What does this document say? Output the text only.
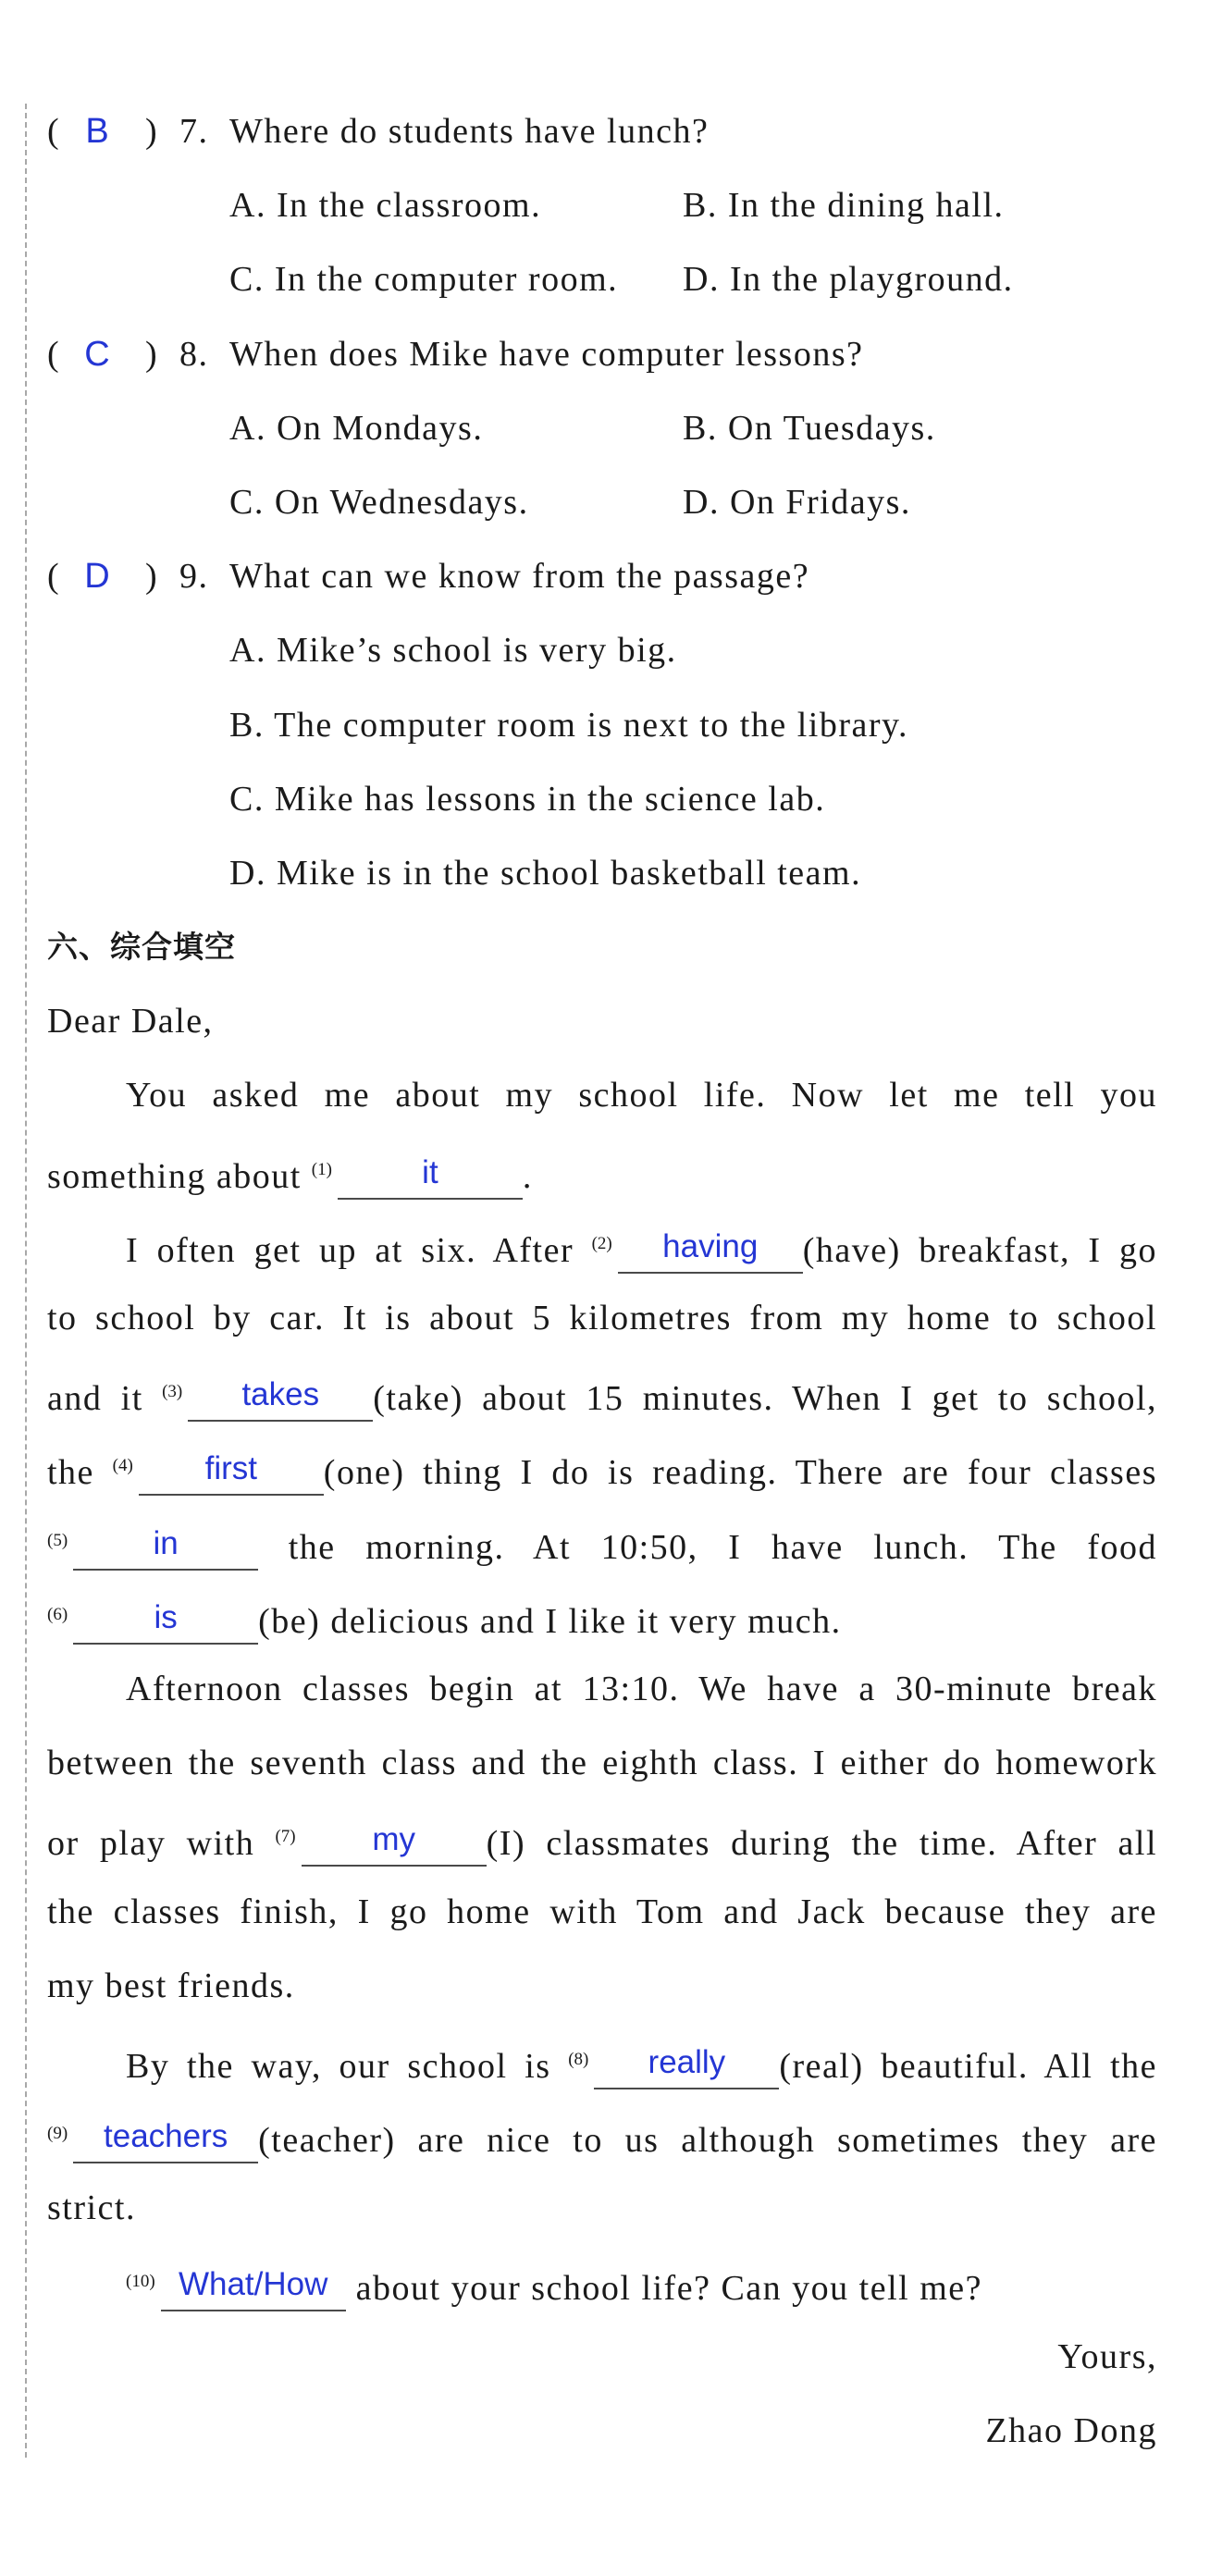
( B ) 7. Where do students have lunch?
A. In the classroom.	B. In the dining hall.
C. In the computer room. D. In the playground.
( C ) 8. When does Mike have computer lessons?
A. On Mondays.	B. On Tuesdays.
C. On Wednesdays.	D. On Fridays.
( D ) 9. What can we know from the passage?
A. Mike’s school is very big.
B. The computer room is next to the library.
C. Mike has lessons in the science lab.
D. Mike is in the school basketball team.
六、综合填空
Dear Dale,
You asked me about my school life. Now let me tell you
something about $^{(1)}$	it .
I often get up at six. After $^{(2)}$ having (have) breakfast, I go
to school by car. It is about 5 kilometres from my home to school
and it $^{(3)}$ takes (take) about 15 minutes. When I get to school,
the $^{(4)}$ first (one) thing I do is reading. There are four classes
$^{(5)}$	in	the morning. At 10:50, I have lunch. The food
$^{(6)}$	is (be) delicious and I like it very much.
Afternoon classes begin at 13:10. We have a 30-minute break
between the seventh class and the eighth class. I either do homework
or play with $^{(7)}$ my (I) classmates during the time. After all
the classes finish, I go home with Tom and Jack because they are
my best friends.
By the way, our school is $^{(8)}$ really (real) beautiful. All the
$^{(9)}$ teachers (teacher) are nice to us although sometimes they are
strict.
$^{(10)}$ What/How about your school life? Can you tell me?
Yours,
Zhao Dong
